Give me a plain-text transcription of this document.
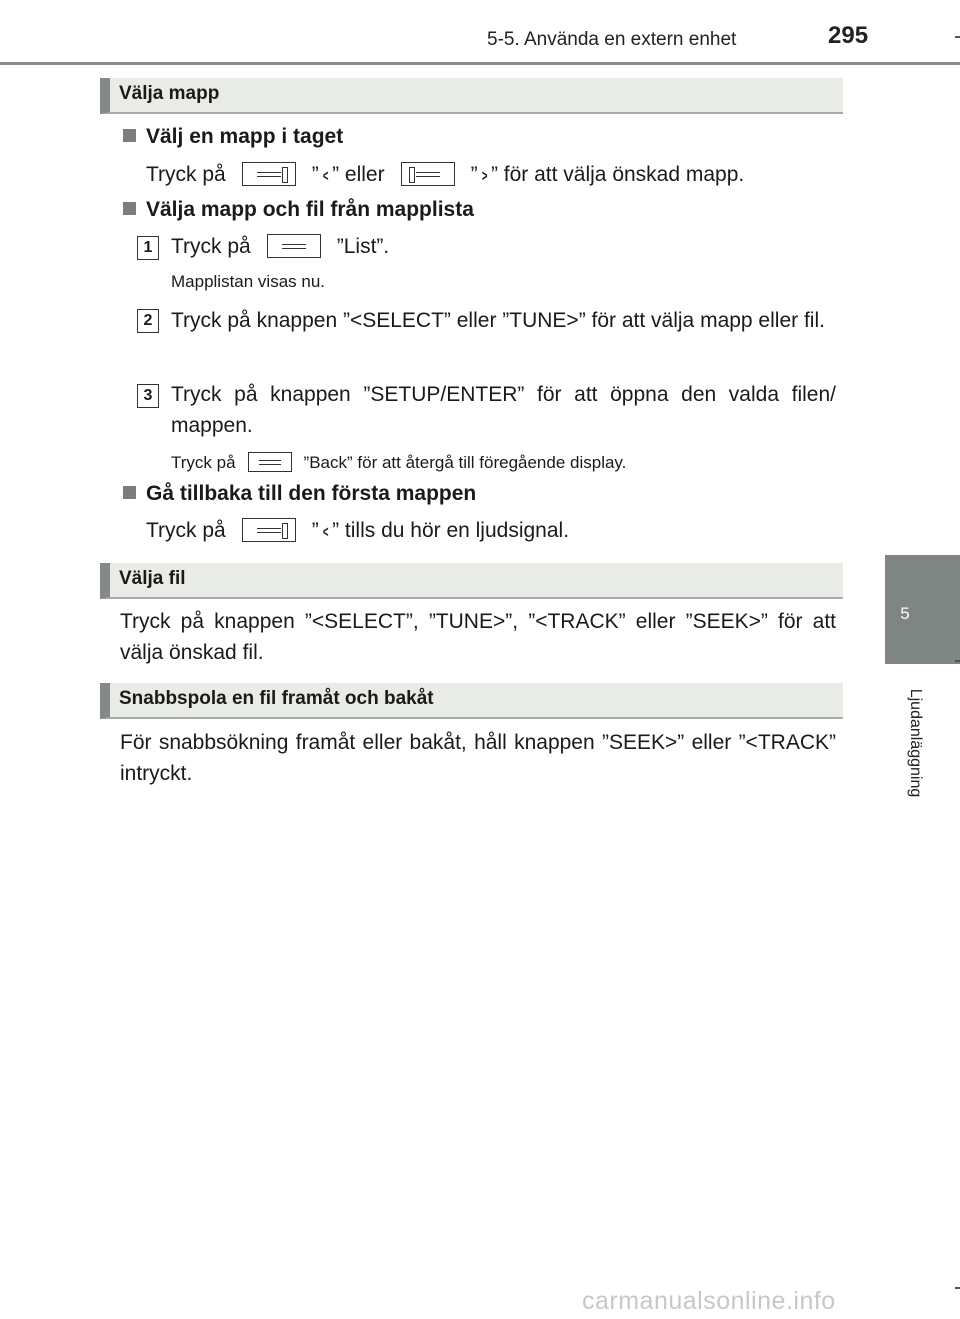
5-5. Använda en extern enhet	295
5
Ljudanläggning
Välja mapp
Välj en mapp i taget
Tryck på	” < ” eller	” > ” för att välja önskad mapp.
Välja mapp och fil från mapplista
1 Tryck på	”List”.
Mapplistan visas nu.
2 Tryck på knappen ”<SELECT” eller ”TUNE>” för att välja mapp eller fil.
3 Tryck på knappen ”SETUP/ENTER” för att öppna den valda filen/ mappen.
Tryck på	”Back” för att återgå till föregående display.
Gå tillbaka till den första mappen
Tryck på	” < ” tills du hör en ljudsignal.
Välja fil
Tryck på knappen ”<SELECT”, ”TUNE>”, ”<TRACK” eller ”SEEK>” för att välja önskad fil.
Snabbspola en fil framåt och bakåt
För snabbsökning framåt eller bakåt, håll knappen ”SEEK>” eller ”<TRACK” intryckt.
carmanualsonline.info
